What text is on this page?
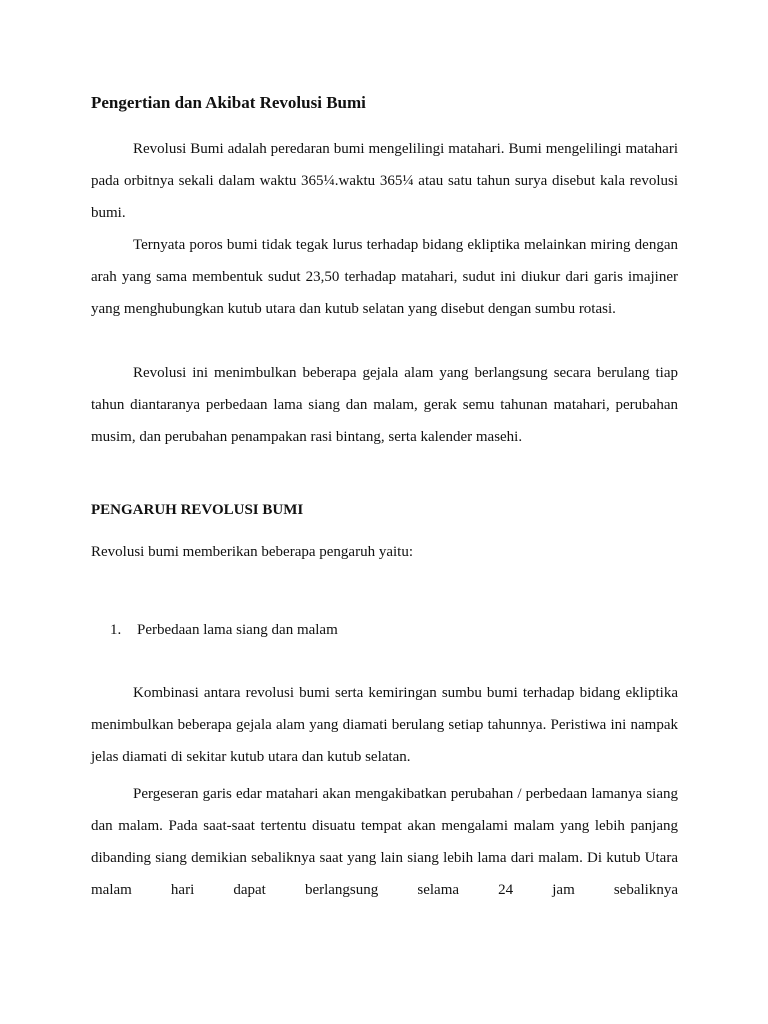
Pengertian dan Akibat Revolusi Bumi

Revolusi Bumi adalah peredaran bumi mengelilingi matahari. Bumi mengelilingi matahari pada orbitnya sekali dalam waktu 365¼.waktu 365¼ atau satu tahun surya disebut kala revolusi bumi.

Ternyata poros bumi tidak tegak lurus terhadap bidang ekliptika melainkan miring dengan arah yang sama membentuk sudut 23,50 terhadap matahari, sudut ini diukur dari garis imajiner yang menghubungkan kutub utara dan kutub selatan yang disebut dengan sumbu rotasi.

Revolusi ini menimbulkan beberapa gejala alam yang berlangsung secara berulang tiap tahun diantaranya perbedaan lama siang dan malam, gerak semu tahunan matahari, perubahan musim, dan perubahan penampakan rasi bintang, serta kalender masehi.

PENGARUH REVOLUSI BUMI

Revolusi bumi memberikan beberapa pengaruh yaitu:

1. Perbedaan lama siang dan malam

Kombinasi antara revolusi bumi serta kemiringan sumbu bumi terhadap bidang ekliptika menimbulkan beberapa gejala alam yang diamati berulang setiap tahunnya. Peristiwa ini nampak jelas diamati di sekitar kutub utara dan kutub selatan.

Pergeseran garis edar matahari akan mengakibatkan perubahan / perbedaan lamanya siang dan malam. Pada saat-saat tertentu disuatu tempat akan mengalami malam yang lebih panjang dibanding siang demikian sebaliknya saat yang lain siang lebih lama dari malam. Di kutub Utara malam hari dapat berlangsung selama 24 jam sebaliknya
